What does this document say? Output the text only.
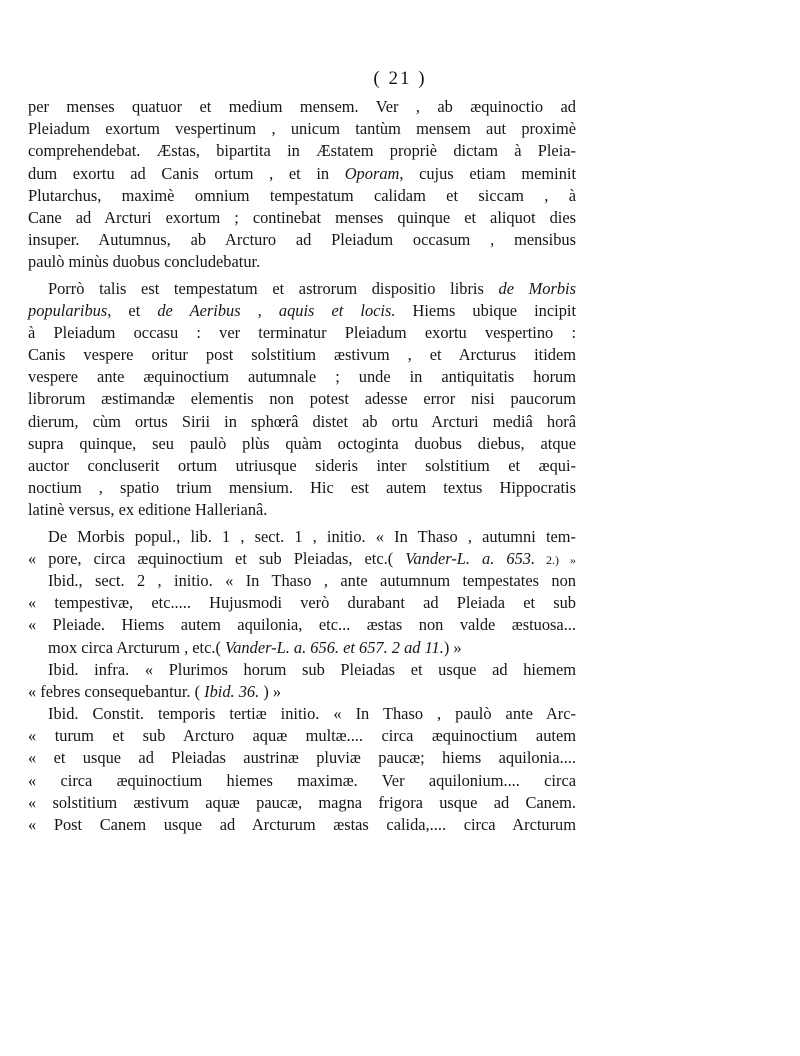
( 21 )
per menses quatuor et medium mensem. Ver , ab æquinoctio ad
Pleiadum exortum vespertinum , unicum tantùm mensem aut proximè
comprehendebat. Æstas, bipartita in Æstatem propriè dictam à Pleia-
dum exortu ad Canis ortum , et in Oporam, cujus etiam meminit
Plutarchus, maximè omnium tempestatum calidam et siccam , à
Cane ad Arcturi exortum ; continebat menses quinque et aliquot dies
insuper. Autumnus, ab Arcturo ad Pleiadum occasum , mensibus
paulò minùs duobus concludebatur.
Porrò talis est tempestatum et astrorum dispositio libris de Morbis
popularibus, et de Aeribus , aquis et locis. Hiems ubique incipit
à Pleiadum occasu : ver terminatur Pleiadum exortu vespertino :
Canis vespere oritur post solstitium æstivum , et Arcturus itidem
vespere ante æquinoctium autumnale ; unde in antiquitatis horum
librorum æstimandæ elementis non potest adesse error nisi paucorum
dierum, cùm ortus Sirii in sphœrâ distet ab ortu Arcturi mediâ horâ
supra quinque, seu paulò plùs quàm octoginta duobus diebus, atque
auctor concluserit ortum utriusque sideris inter solstitium et æqui-
noctium , spatio trium mensium. Hic est autem textus Hippocratis
latinè versus, ex editione Hallerianâ.
De Morbis popul., lib. 1 , sect. 1 , initio. « In Thaso , autumni tem-
« pore, circa æquinoctium et sub Pleiadas, etc.( Vander-L. a. 653. 2.) »
Ibid., sect. 2 , initio. « In Thaso , ante autumnum tempestates non
« tempestivæ, etc..... Hujusmodi verò durabant ad Pleiada et sub
« Pleiade. Hiems autem aquilonia, etc... æstas non valde æstuosa...
mox circa Arcturum , etc.( Vander-L. a. 656. et 657. 2 ad 11.) »
Ibid. infra. « Plurimos horum sub Pleiadas et usque ad hiemem
« febres consequebantur. ( Ibid. 36. ) »
Ibid. Constit. temporis tertiæ initio. « In Thaso , paulò ante Arc-
« turum et sub Arcturo aquæ multæ.... circa æquinoctium autem
« et usque ad Pleiadas austrinæ pluviæ paucæ; hiems aquilonia....
« circa æquinoctium hiemes maximæ. Ver aquilonium.... circa
« solstitium æstivum aquæ paucæ, magna frigora usque ad Canem.
« Post Canem usque ad Arcturum æstas calida,.... circa Arcturum
